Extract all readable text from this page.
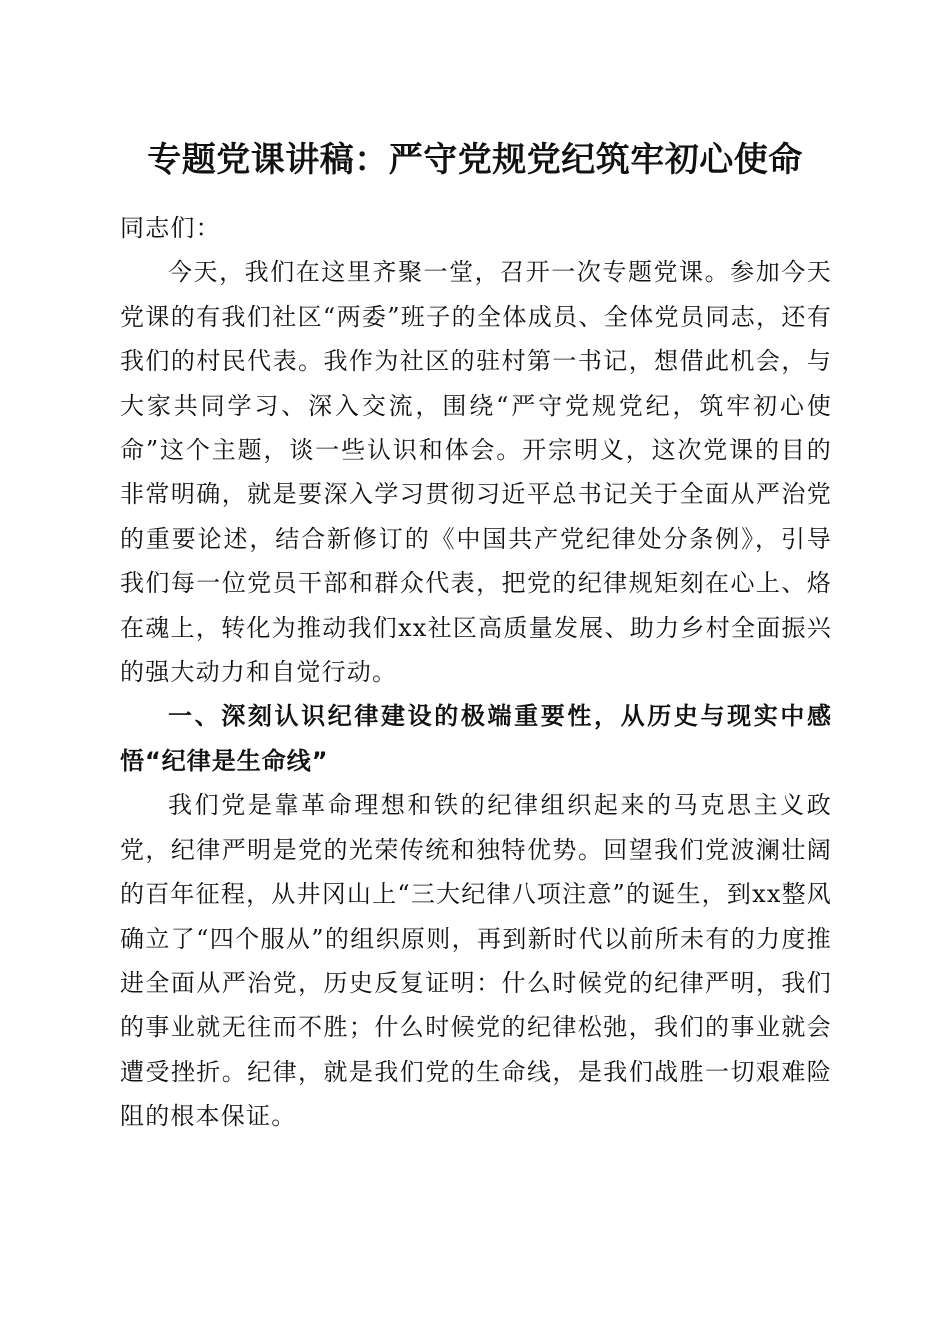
专题党课讲稿：严守党规党纪筑牢初心使命

同志们：

今天，我们在这里齐聚一堂，召开一次专题党课。参加今天党课的有我们社区“两委”班子的全体成员、全体党员同志，还有我们的村民代表。我作为社区的驻村第一书记，想借此机会，与大家共同学习、深入交流，围绕“严守党规党纪，筑牢初心使命”这个主题，谈一些认识和体会。开宗明义，这次党课的目的非常明确，就是要深入学习贯彻习近平总书记关于全面从严治党的重要论述，结合新修订的《中国共产党纪律处分条例》，引导我们每一位党员干部和群众代表，把党的纪律规矩刻在心上、烙在魂上，转化为推动我们xx社区高质量发展、助力乡村全面振兴的强大动力和自觉行动。

一、深刻认识纪律建设的极端重要性，从历史与现实中感悟“纪律是生命线”

我们党是靠革命理想和铁的纪律组织起来的马克思主义政党，纪律严明是党的光荣传统和独特优势。回望我们党波澜壮阔的百年征程，从井冈山上“三大纪律八项注意”的诞生，到xx整风确立了“四个服从”的组织原则，再到新时代以前所未有的力度推进全面从严治党，历史反复证明：什么时候党的纪律严明，我们的事业就无往而不胜；什么时候党的纪律松弛，我们的事业就会遭受挫折。纪律，就是我们党的生命线，是我们战胜一切艰难险阻的根本保证。
